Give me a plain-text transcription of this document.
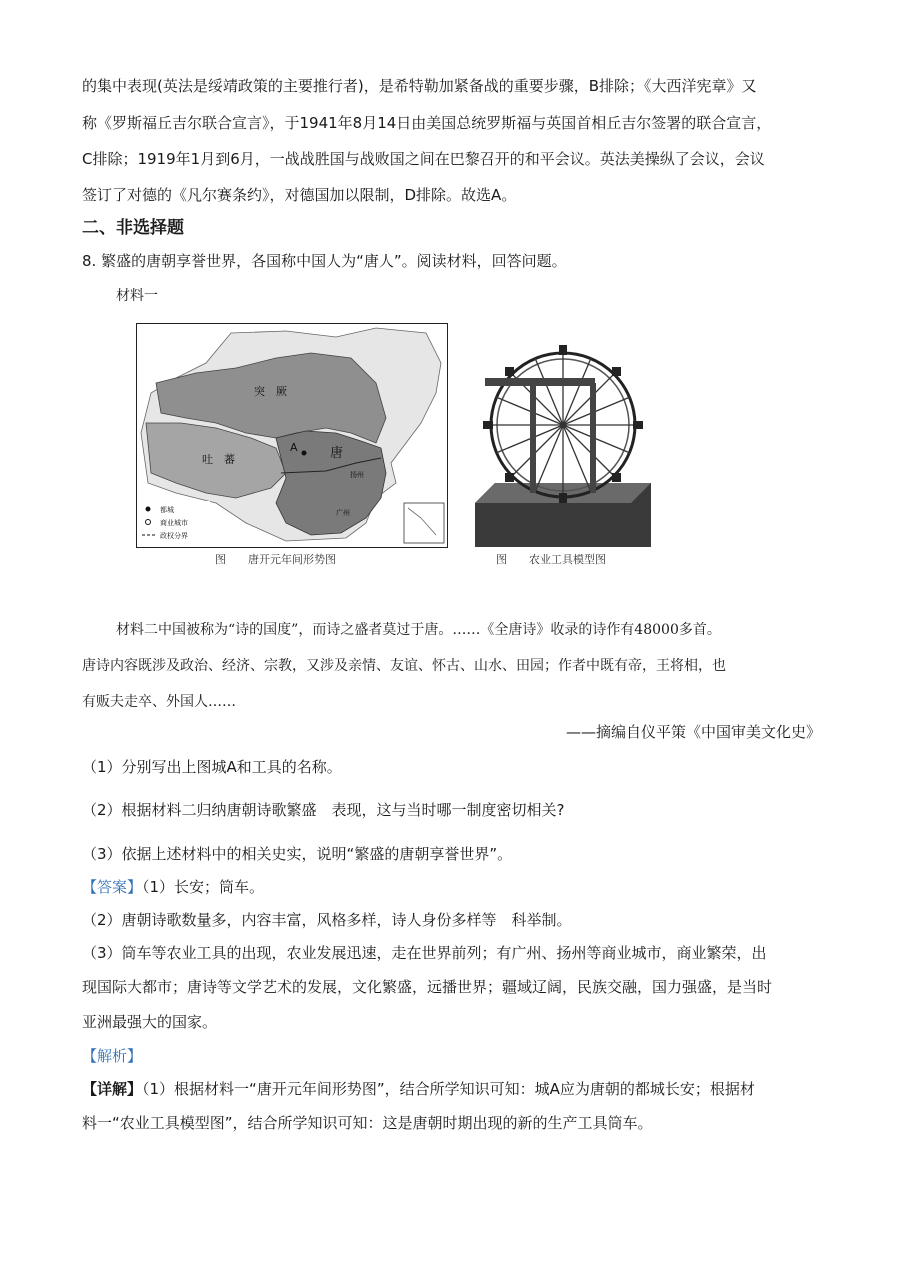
的集中表现(英法是绥靖政策的主要推行者)，是希特勒加紧备战的重要步骤，B排除；《大西洋宪章》又
称《罗斯福丘吉尔联合宣言》，于1941年8月14日由美国总统罗斯福与英国首相丘吉尔签署的联合宣言，
C排除；1919年1月到6月，一战战胜国与战败国之间在巴黎召开的和平会议。英法美操纵了会议，会议
签订了对德的《凡尔赛条约》，对德国加以限制，D排除。故选A。
二、非选择题
8. 繁盛的唐朝享誉世界，各国称中国人为“唐人”。阅读材料，回答问题。
材料一
都城
商业城市
政权分界
突　厥
吐　蕃	唐
A
扬州
广州
图　　唐开元年间形势图	图　　农业工具模型图
材料二中国被称为“诗的国度”，而诗之盛者莫过于唐。……《全唐诗》收录的诗作有48000多首。
唐诗内容既涉及政治、经济、宗教，又涉及亲情、友谊、怀古、山水、田园；作者中既有帝，王将相，也
有贩夫走卒、外国人……
——摘编自仪平策《中国审美文化史》
（1）分别写出上图城A和工具的名称。
（2）根据材料二归纳唐朝诗歌繁盛　表现，这与当时哪一制度密切相关?
（3）依据上述材料中的相关史实，说明“繁盛的唐朝享誉世界”。
【答案】（1）长安；筒车。
（2）唐朝诗歌数量多，内容丰富，风格多样，诗人身份多样等　科举制。
（3）筒车等农业工具的出现，农业发展迅速，走在世界前列；有广州、扬州等商业城市，商业繁荣，出
现国际大都市；唐诗等文学艺术的发展，文化繁盛，远播世界；疆域辽阔，民族交融，国力强盛，是当时
亚洲最强大的国家。
【解析】
【详解】（1）根据材料一“唐开元年间形势图”，结合所学知识可知：城A应为唐朝的都城长安；根据材
料一“农业工具模型图”，结合所学知识可知：这是唐朝时期出现的新的生产工具筒车。
